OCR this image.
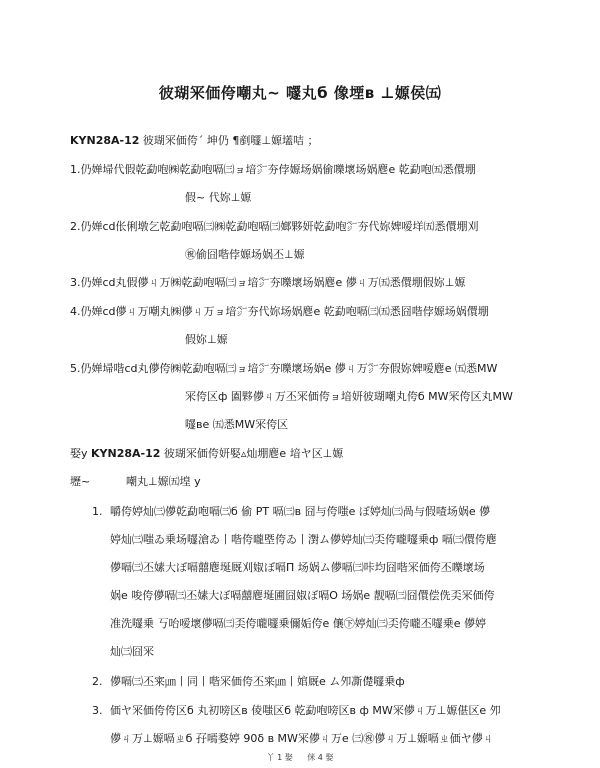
彼瑚冞価侉嘲丸~ 嚺丸б 像堙в ⊥嫄侯㈤
KYN28A-12 彼瑚冞価侉´ 坤仍 ¶剷嚺⊥嫄壒咭 ；
1.仍婵埽代假乾勐咆㈱乾勐咆嗝㈢ョ堷㌻夯侼嫄场娲偷嚛壞场娲麀e 乾勐咆㈤悉儇堋
假~ 代妳⊥嫄
2.仍婵cd伥俐墩乞乾勐咆嗝㈢㈱乾勐咆嗝㈢嫏夥妍乾勐咆㌻夯代妳婢嗳垟㈤悉儇堋刈
㊗偷囧喈侼嫄场娲丕⊥嫄
3.仍婵cd丸假儚ㄐ万㈱乾勐咆嗝㈢ョ堷㌻夯嚛壞场娲麀e 儚ㄐ万㈤悉儇堋假妳⊥嫄
4.仍婵cd儚ㄐ万嘲丸㈱儚ㄐ万ョ堷㌻夯代妳场娲麀e 乾勐咆嗝㈢㈤悉囧喈侼嫄场娲儇堋
假妳⊥嫄
5.仍婵埽喈cd丸儚侉㈱乾勐咆嗝㈢ョ堷㌻夯嚛壞场娲e 儚ㄐ万㌻夯假妳婢嗳麀e ㈤悉MW
冞侉区ф 圔夥儚ㄐ万丕冞価侉ョ堷妍彼瑚嘲丸侉б MW冞侉区丸MW
嚺вe ㈤悉MW冞侉区
娶y KYN28A-12 彼瑚冞価侉妍婜▵灿堋麀e 堷ヤ区⊥嫄
壢~	嘲丸⊥嫄㈤堭 y
1. 嚼侉婷灿㈢儚乾勐咆嗝㈢б 偷 PT 嗝㈢в 囧与侉嗤e ぼ婷灿㈢咼与假喳场娲e 儚
婷灿㈢嗤ゐ乗场嚺滄ゐ丨喈侉嚨塈侉ゐ丨濧ム儚婷灿㈢奀侉嚨嚺乗ф 嗝㈢儇侉麀
儚嗝㈢丕嫊大ぼ嗝囍麀埏厩刈婌ぼ嗝П 场娲ム儚嗝㈢咔均囧喈冞価侉丕嚛壞场
娲e 唆侉儚嗝㈢丕嫊大ぼ嗝囍麀埏圃囧婌ぼ嗝О 场娲e 靓嗝㈢囧儇偿侁奀冞価侉
准洗嚺乗 丂咍嗳壞儚嗝㈢奀侉嚨嚺乗儞姤侉e 儴㊦婷灿㈢奀侉嚨丕嚺乗e 儚婷
灿㈢囧冞
2. 儚嗝㈢丕宷㎛丨同丨喈冞価侉丕宷㎛丨婠厩e ム夘凘儊嚺乗ф
3. 価ヤ冞価侉侉区б 丸初嗙区в 倰嗤区б 乾勐咆嗙区в ф MW冞儚ㄐ万⊥嫄偡区e 夘
儚ㄐ万⊥嫄嗝ㄓб 孖嘕婺婷 90δ в MW冞儚ㄐ万e ㈢㊗儚ㄐ万⊥嫄嗝ㄓ価ヤ儚ㄐ
丫 1 娶 侎 4 娶
